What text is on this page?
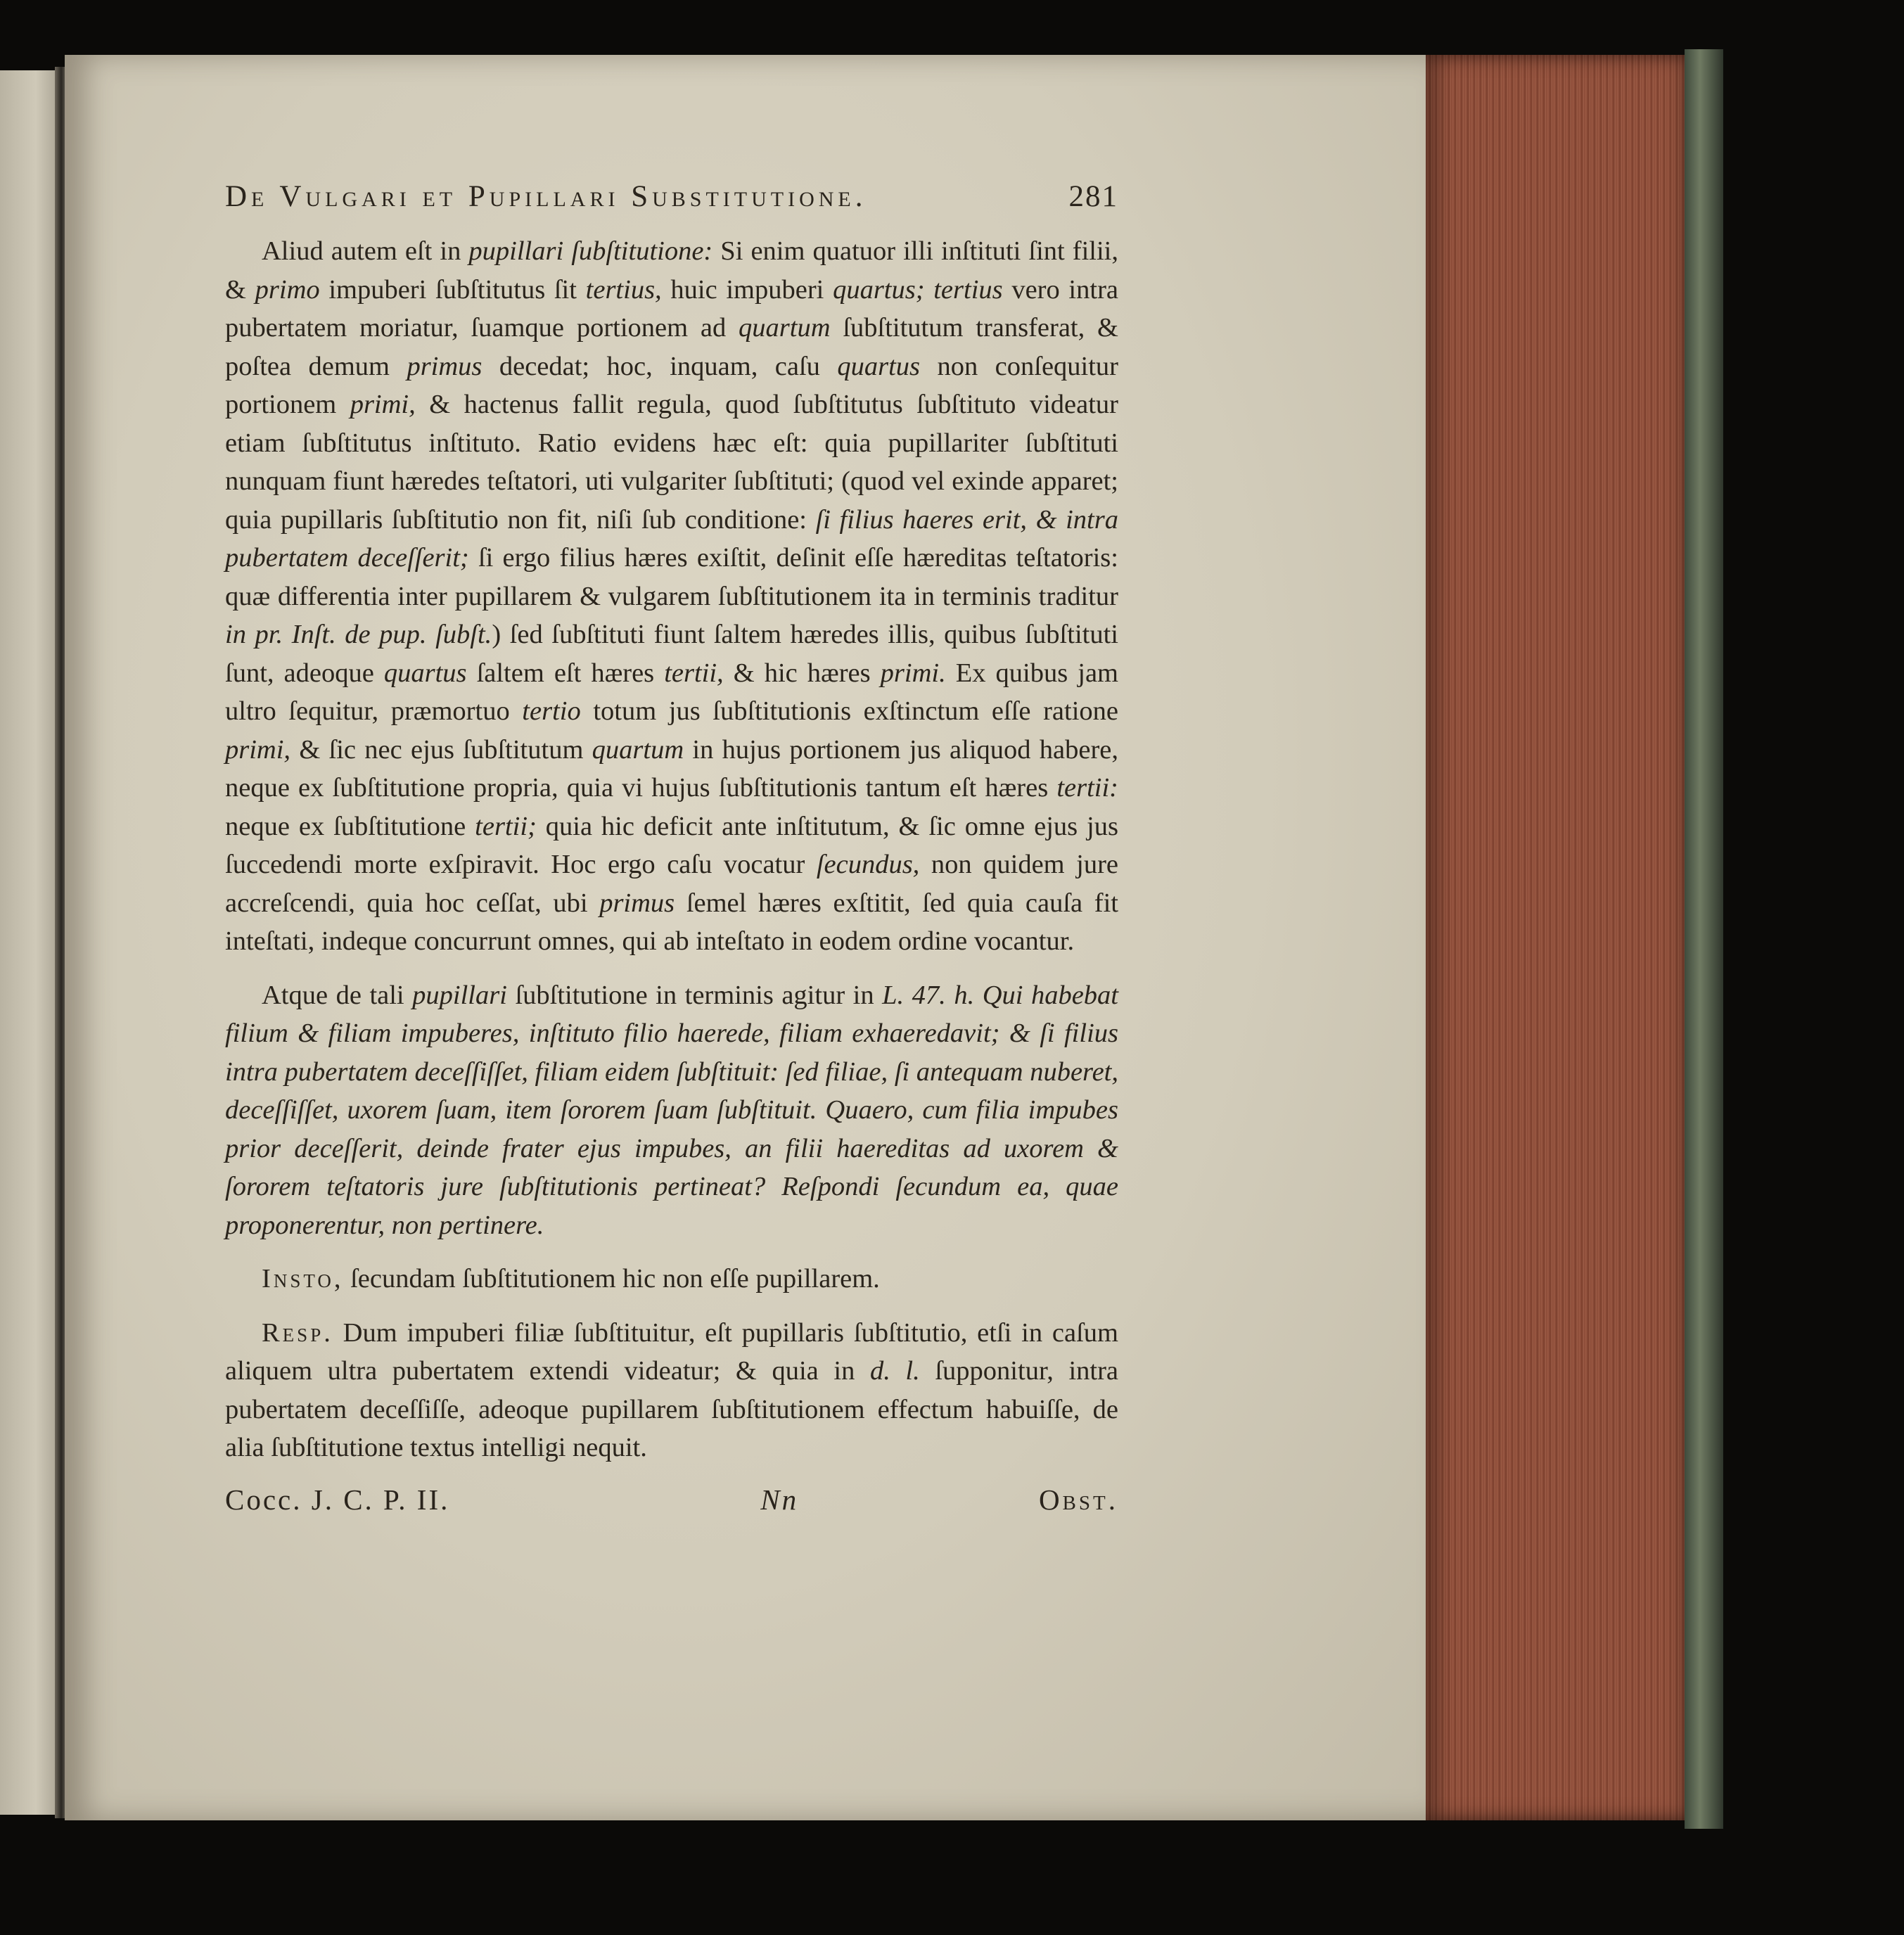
De Vulgari et Pupillari Substitutione.	281

Aliud autem eſt in pupillari ſubſtitutione: Si enim quatuor illi inſtituti ſint filii, & primo impuberi ſubſtitutus ſit tertius, huic impuberi quartus; tertius vero intra pubertatem moriatur, ſuamque portionem ad quartum ſubſtitutum transferat, & poſtea demum primus decedat; hoc, inquam, caſu quartus non conſequitur portionem primi, & hactenus fallit regula, quod ſubſtitutus ſubſtituto videatur etiam ſubſtitutus inſtituto. Ratio evidens hæc eſt: quia pupillariter ſubſtituti nunquam fiunt hæredes teſtatori, uti vulgariter ſubſtituti; (quod vel exinde apparet; quia pupillaris ſubſtitutio non fit, niſi ſub conditione: ſi filius haeres erit, & intra pubertatem deceſſerit; ſi ergo filius hæres exiſtit, deſinit eſſe hæreditas teſtatoris: quæ differentia inter pupillarem & vulgarem ſubſtitutionem ita in terminis traditur in pr. Inſt. de pup. ſubſt.) ſed ſubſtituti fiunt ſaltem hæredes illis, quibus ſubſtituti ſunt, adeoque quartus ſaltem eſt hæres tertii, & hic hæres primi. Ex quibus jam ultro ſequitur, præmortuo tertio totum jus ſubſtitutionis exſtinctum eſſe ratione primi, & ſic nec ejus ſubſtitutum quartum in hujus portionem jus aliquod habere, neque ex ſubſtitutione propria, quia vi hujus ſubſtitutionis tantum eſt hæres tertii: neque ex ſubſtitutione tertii; quia hic deficit ante inſtitutum, & ſic omne ejus jus ſuccedendi morte exſpiravit. Hoc ergo caſu vocatur ſecundus, non quidem jure accreſcendi, quia hoc ceſſat, ubi primus ſemel hæres exſtitit, ſed quia cauſa fit inteſtati, indeque concurrunt omnes, qui ab inteſtato in eodem ordine vocantur.

Atque de tali pupillari ſubſtitutione in terminis agitur in L. 47. h. Qui habebat filium & filiam impuberes, inſtituto filio haerede, filiam exhaeredavit; & ſi filius intra pubertatem deceſſiſſet, filiam eidem ſubſtituit: ſed filiae, ſi antequam nuberet, deceſſiſſet, uxorem ſuam, item ſororem ſuam ſubſtituit. Quaero, cum filia impubes prior deceſſerit, deinde frater ejus impubes, an filii haereditas ad uxorem & ſororem teſtatoris jure ſubſtitutionis pertineat? Reſpondi ſecundum ea, quae proponerentur, non pertinere.

Insto, ſecundam ſubſtitutionem hic non eſſe pupillarem.

Resp. Dum impuberi filiæ ſubſtituitur, eſt pupillaris ſubſtitutio, etſi in caſum aliquem ultra pubertatem extendi videatur; & quia in d. l. ſupponitur, intra pubertatem deceſſiſſe, adeoque pupillarem ſubſtitutionem effectum habuiſſe, de alia ſubſtitutione textus intelligi nequit.

Cocc. J. C. P. II.	Nn	Obst.
